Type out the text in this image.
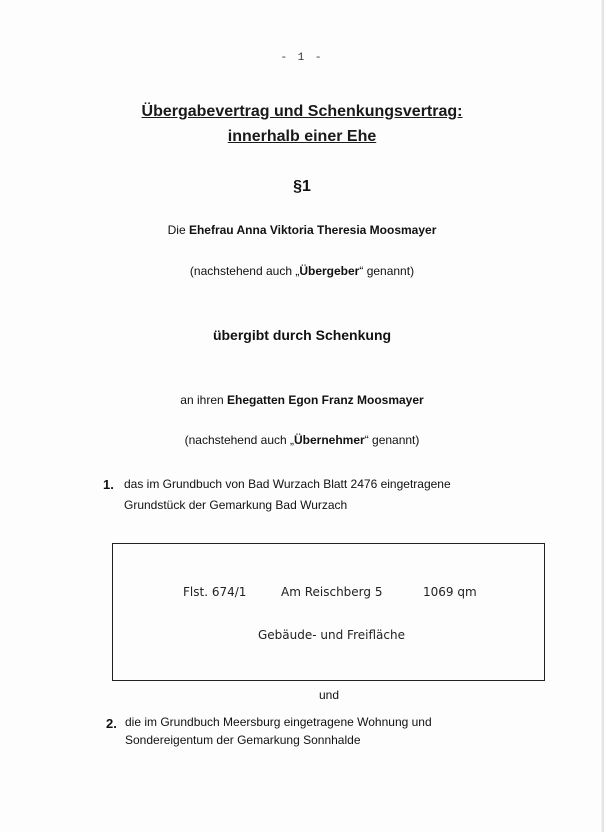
- 1 -
Übergabevertrag und Schenkungsvertrag:
innerhalb einer Ehe
§1
Die Ehefrau Anna Viktoria Theresia Moosmayer
(nachstehend auch „Übergeber“ genannt)
übergibt durch Schenkung
an ihren Ehegatten Egon Franz Moosmayer
(nachstehend auch „Übernehmer“ genannt)
1. das im Grundbuch von Bad Wurzach Blatt 2476 eingetragene
Grundstück der Gemarkung Bad Wurzach
Flst. 674/1	Am Reischberg 5	1069 qm
Gebäude- und Freifläche
und
2. die im Grundbuch Meersburg eingetragene Wohnung und
Sondereigentum der Gemarkung Sonnhalde
